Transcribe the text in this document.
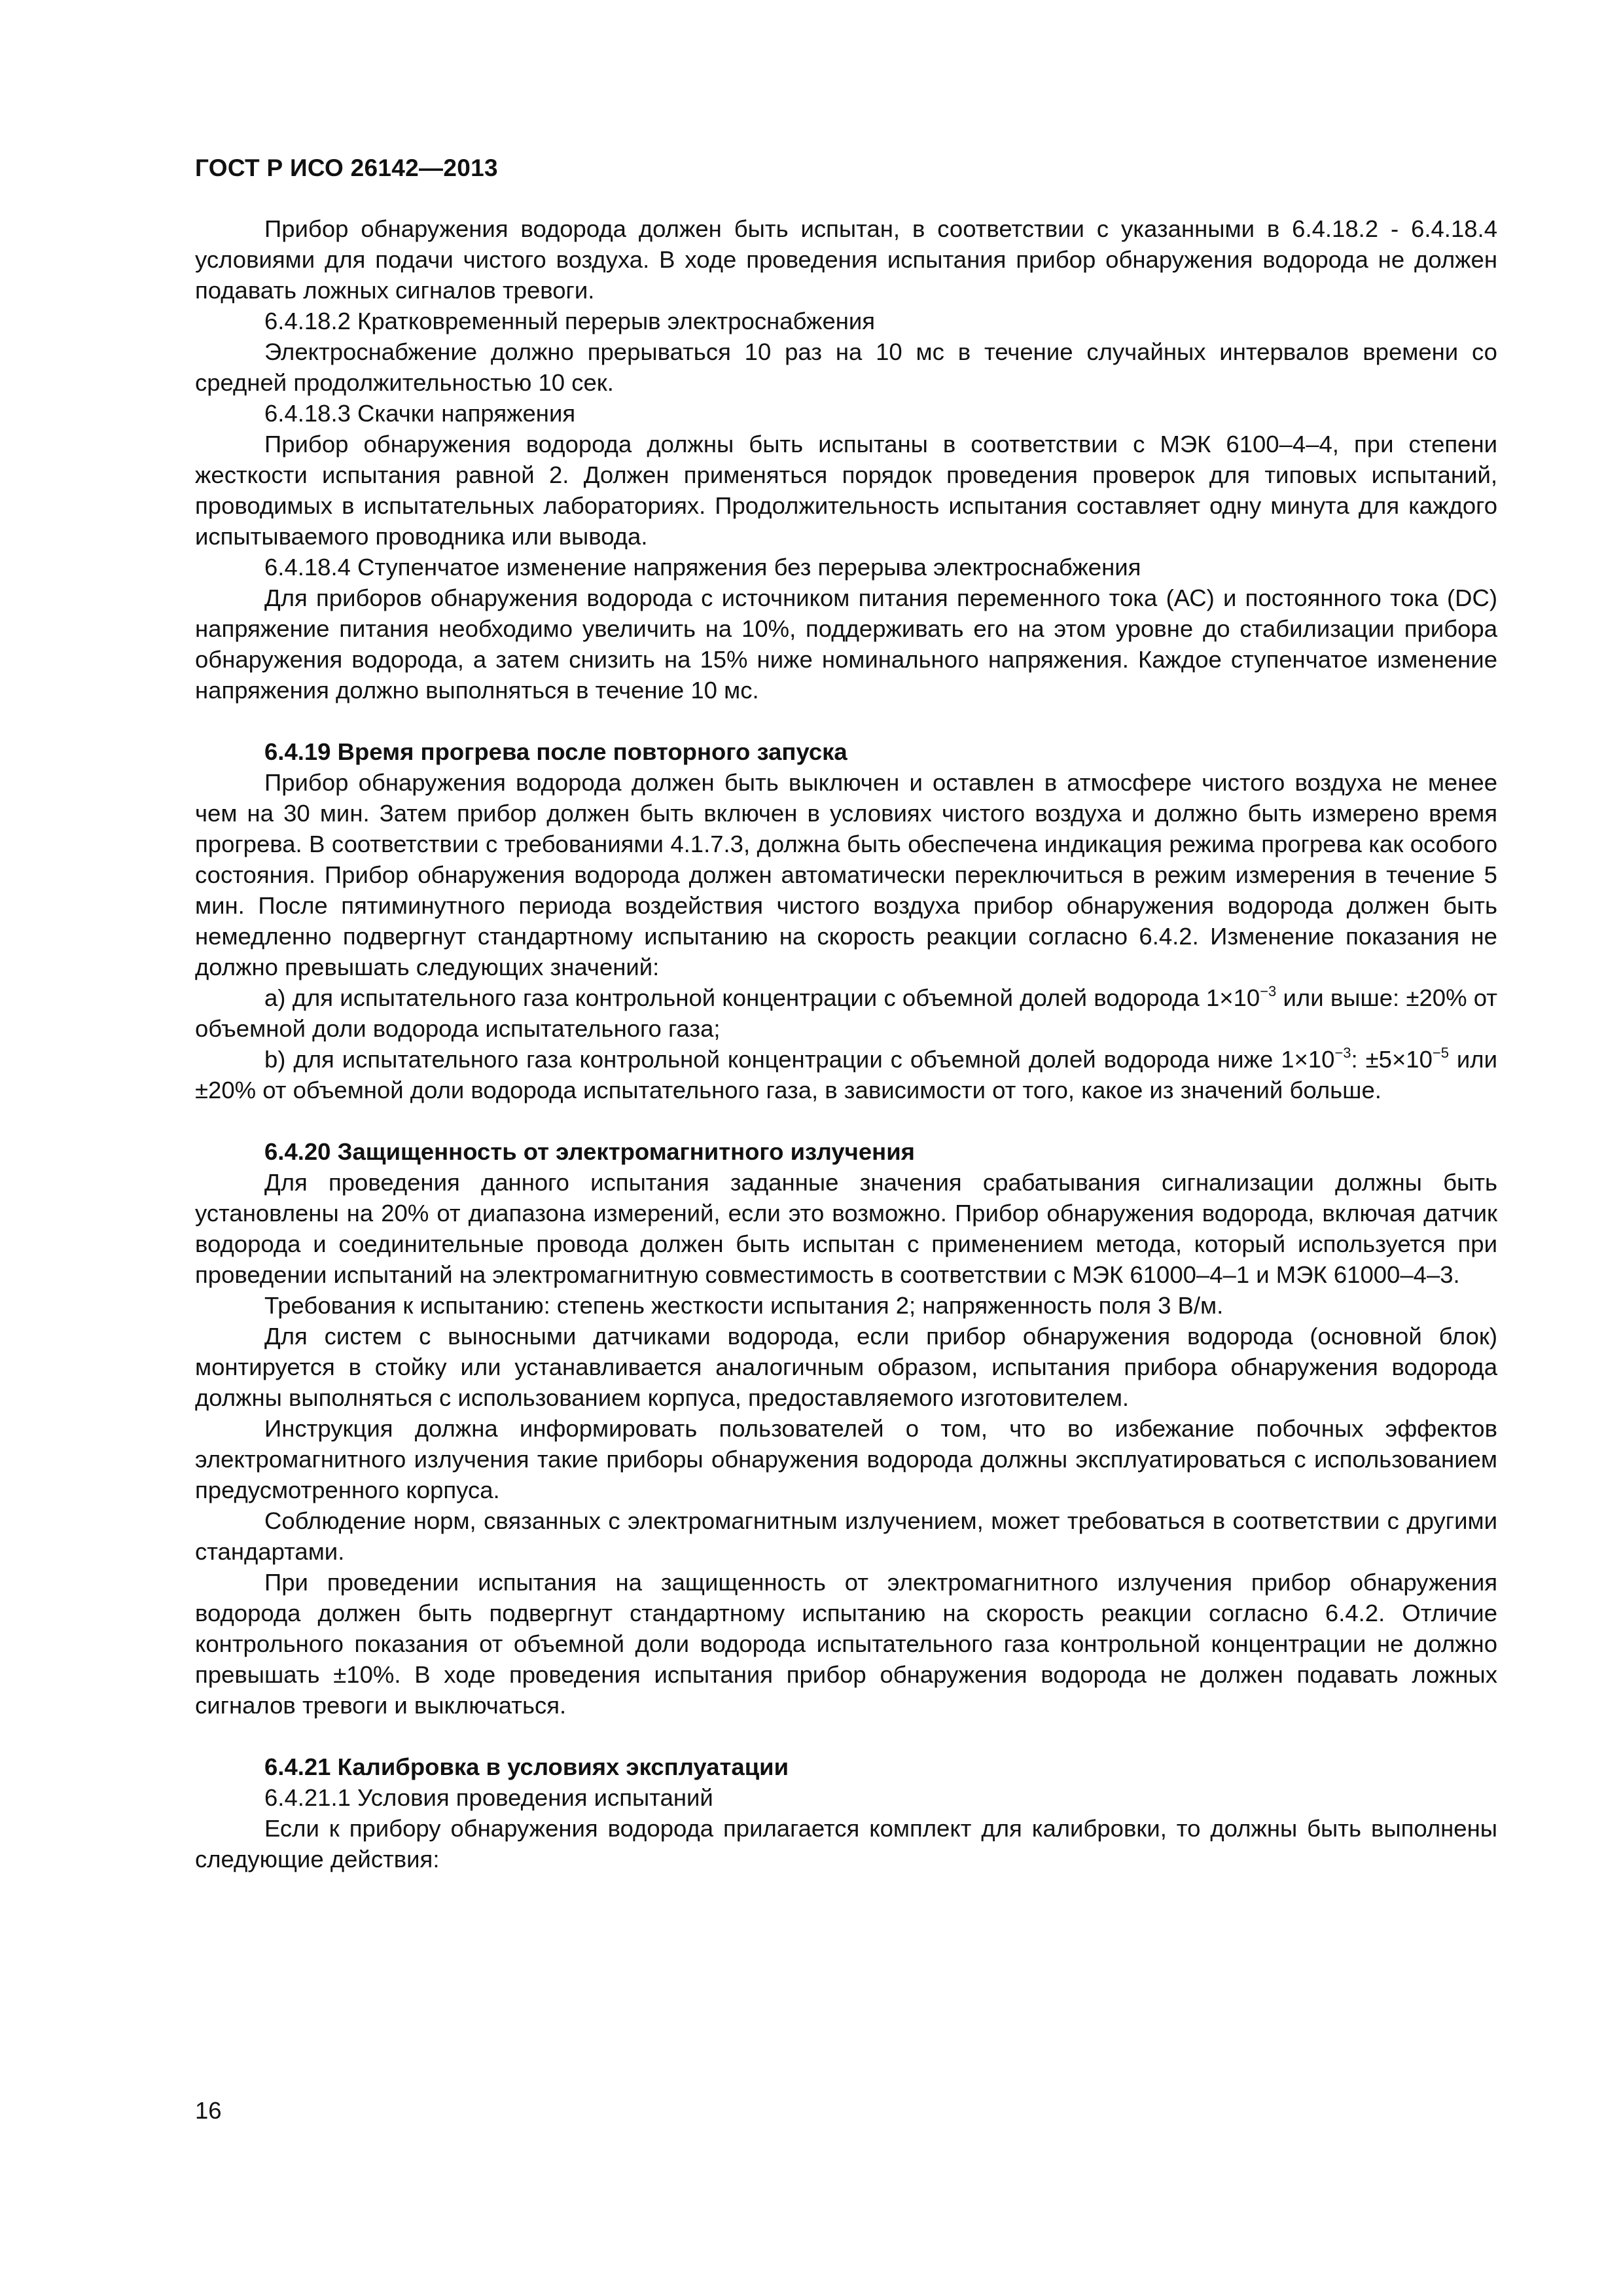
ГОСТ Р ИСО 26142—2013

Прибор обнаружения водорода должен быть испытан, в соответствии с указанными в 6.4.18.2 - 6.4.18.4 условиями для подачи чистого воздуха. В ходе проведения испытания прибор обнаружения водорода не должен подавать ложных сигналов тревоги.

6.4.18.2 Кратковременный перерыв электроснабжения

Электроснабжение должно прерываться 10 раз на 10 мс в течение случайных интервалов времени со средней продолжительностью 10 сек.

6.4.18.3 Скачки напряжения

Прибор обнаружения водорода должны быть испытаны в соответствии с МЭК 6100–4–4, при степени жесткости испытания равной 2. Должен применяться порядок проведения проверок для типовых испытаний, проводимых в испытательных лабораториях. Продолжительность испытания составляет одну минута для каждого испытываемого проводника или вывода.

6.4.18.4 Ступенчатое изменение напряжения без перерыва электроснабжения

Для приборов обнаружения водорода с источником питания переменного тока (АС) и постоянного тока (DC) напряжение питания необходимо увеличить на 10%, поддерживать его на этом уровне до стабилизации прибора обнаружения водорода, а затем снизить на 15% ниже номинального напряжения. Каждое ступенчатое изменение напряжения должно выполняться в течение 10 мс.

6.4.19 Время прогрева после повторного запуска

Прибор обнаружения водорода должен быть выключен и оставлен в атмосфере чистого воздуха не менее чем на 30 мин. Затем прибор должен быть включен в условиях чистого воздуха и должно быть измерено время прогрева. В соответствии с требованиями 4.1.7.3, должна быть обеспечена индикация режима прогрева как особого состояния. Прибор обнаружения водорода должен автоматически переключиться в режим измерения в течение 5 мин. После пятиминутного периода воздействия чистого воздуха прибор обнаружения водорода должен быть немедленно подвергнут стандартному испытанию на скорость реакции согласно 6.4.2. Изменение показания не должно превышать следующих значений:

а) для испытательного газа контрольной концентрации с объемной долей водорода $1\times 10^{-3}$ или выше: ±20% от объемной доли водорода испытательного газа;

b) для испытательного газа контрольной концентрации с объемной долей водорода ниже $1\times 10^{-3}$: $\pm 5\times 10^{-5}$ или ±20% от объемной доли водорода испытательного газа, в зависимости от того, какое из значений больше.

6.4.20 Защищенность от электромагнитного излучения

Для проведения данного испытания заданные значения срабатывания сигнализации должны быть установлены на 20% от диапазона измерений, если это возможно. Прибор обнаружения водорода, включая датчик водорода и соединительные провода должен быть испытан с применением метода, который используется при проведении испытаний на электромагнитную совместимость в соответствии с МЭК 61000–4–1 и МЭК 61000–4–3.

Требования к испытанию: степень жесткости испытания 2; напряженность поля 3 В/м.

Для систем с выносными датчиками водорода, если прибор обнаружения водорода (основной блок) монтируется в стойку или устанавливается аналогичным образом, испытания прибора обнаружения водорода должны выполняться с использованием корпуса, предоставляемого изготовителем.

Инструкция должна информировать пользователей о том, что во избежание побочных эффектов электромагнитного излучения такие приборы обнаружения водорода должны эксплуатироваться с использованием предусмотренного корпуса.

Соблюдение норм, связанных с электромагнитным излучением, может требоваться в соответствии с другими стандартами.

При проведении испытания на защищенность от электромагнитного излучения прибор обнаружения водорода должен быть подвергнут стандартному испытанию на скорость реакции согласно 6.4.2. Отличие контрольного показания от объемной доли водорода испытательного газа контрольной концентрации не должно превышать ±10%. В ходе проведения испытания прибор обнаружения водорода не должен подавать ложных сигналов тревоги и выключаться.

6.4.21 Калибровка в условиях эксплуатации

6.4.21.1 Условия проведения испытаний

Если к прибору обнаружения водорода прилагается комплект для калибровки, то должны быть выполнены следующие действия:

16
